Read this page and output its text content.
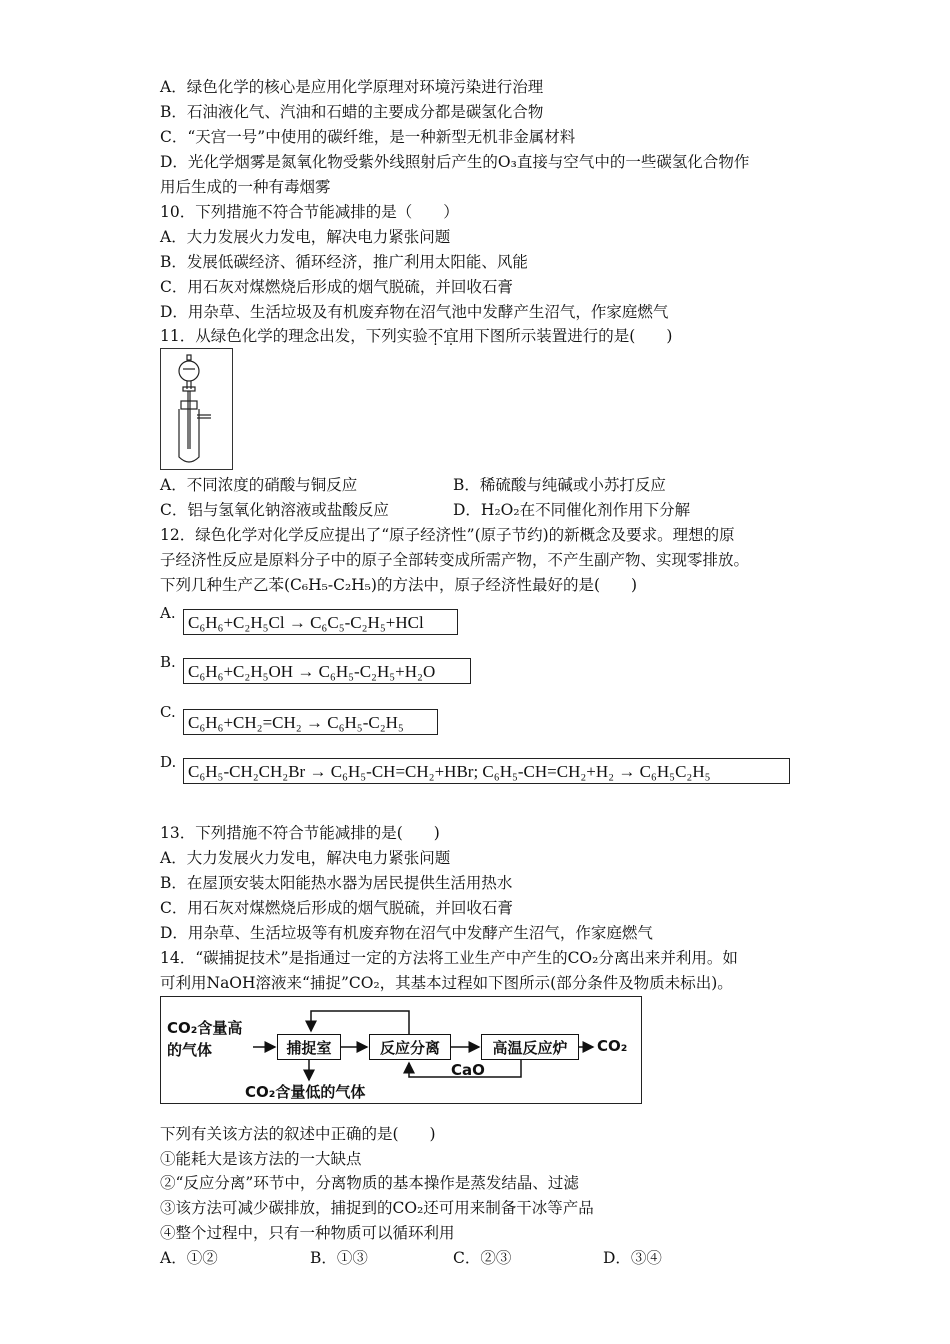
A．绿色化学的核心是应用化学原理对环境污染进行治理
B．石油液化气、汽油和石蜡的主要成分都是碳氢化合物
C．“天宫一号”中使用的碳纤维，是一种新型无机非金属材料
D．光化学烟雾是氮氧化物受紫外线照射后产生的O₃直接与空气中的一些碳氢化合物作
用后生成的一种有毒烟雾
10．下列措施不符合节能减排的是（　　）
A．大力发展火力发电，解决电力紧张问题
B．发展低碳经济、循环经济，推广利用太阳能、风能
C．用石灰对煤燃烧后形成的烟气脱硫，并回收石膏
D．用杂草、生活垃圾及有机废弃物在沼气池中发酵产生沼气，作家庭燃气
11．从绿色化学的理念出发，下列实验不宜用下图所示装置进行的是(　　)
A．不同浓度的硝酸与铜反应	B．稀硫酸与纯碱或小苏打反应
C．铝与氢氧化钠溶液或盐酸反应	D．H₂O₂在不同催化剂作用下分解
12．绿色化学对化学反应提出了“原子经济性”(原子节约)的新概念及要求。理想的原
子经济性反应是原料分子中的原子全部转变成所需产物，不产生副产物、实现零排放。
下列几种生产乙苯(C₆H₅-C₂H₅)的方法中，原子经济性最好的是(　　)
A. C₆H₆+C₂H₅Cl → C₆C₅-C₂H₅+HCl
B. C₆H₆+C₂H₅OH → C₆H₅-C₂H₅+H₂O
C.
C₆H₆+CH₂=CH₂ → C₆H₅-C₂H₅
D. C₆H₅-CH₂CH₂Br → C₆H₅-CH=CH₂+HBr; C₆H₅-CH=CH₂+H₂ → C₆H₅C₂H₅
13．下列措施不符合节能减排的是(　　)
A．大力发展火力发电，解决电力紧张问题
B．在屋顶安装太阳能热水器为居民提供生活用热水
C．用石灰对煤燃烧后形成的烟气脱硫，并回收石膏
D．用杂草、生活垃圾等有机废弃物在沼气中发酵产生沼气，作家庭燃气
14．“碳捕捉技术”是指通过一定的方法将工业生产中产生的CO₂分离出来并利用。如
可利用NaOH溶液来“捕捉”CO₂，其基本过程如下图所示(部分条件及物质未标出)。
CO₂含量高
的气体	捕捉室	反应分离	高温反应炉	CO₂
CaO
CO₂含量低的气体
下列有关该方法的叙述中正确的是(　　)
①能耗大是该方法的一大缺点
②“反应分离”环节中，分离物质的基本操作是蒸发结晶、过滤
③该方法可减少碳排放，捕捉到的CO₂还可用来制备干冰等产品
④整个过程中，只有一种物质可以循环利用
A．①②	B．①③	C．②③	D．③④
